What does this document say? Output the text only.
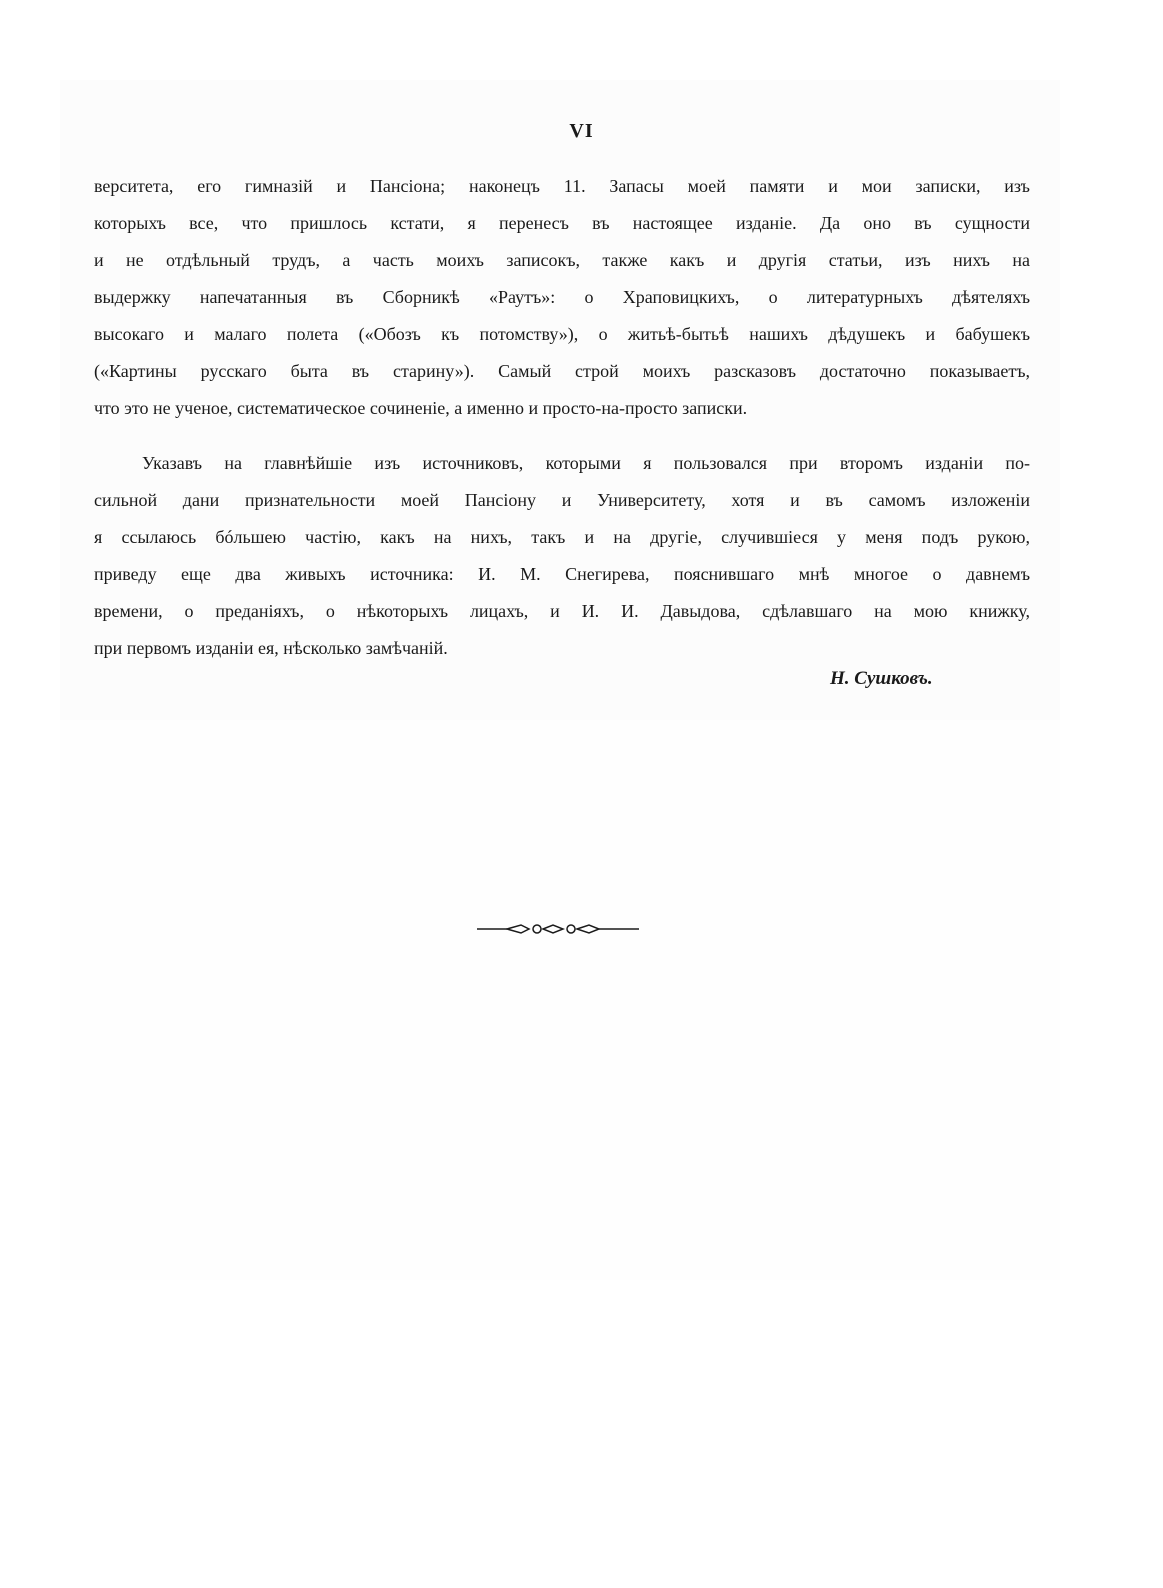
VI

верситета, его гимназій и Пансіона; наконецъ 11. Запасы моей памяти и мои записки, изъ
которыхъ все, что пришлось кстати, я перенесъ въ настоящее изданіе. Да оно въ сущности
и не отдѣльный трудъ, а часть моихъ записокъ, также какъ и другія статьи, изъ нихъ на
выдержку напечатанныя въ Сборникѣ «Раутъ»: о Храповицкихъ, о литературныхъ дѣятеляхъ
высокаго и малаго полета («Обозъ къ потомству»), о житьѣ-бытьѣ нашихъ дѣдушекъ и бабушекъ
(«Картины русскаго быта въ старину»). Самый строй моихъ разсказовъ достаточно показываетъ,
что это не ученое, систематическое сочиненіе, а именно и просто-на-просто записки.

Указавъ на главнѣйшіе изъ источниковъ, которыми я пользовался при второмъ изданіи по-
сильной дани признательности моей Пансіону и Университету, хотя и въ самомъ изложеніи
я ссылаюсь бóльшею частію, какъ на нихъ, такъ и на другіе, случившіеся у меня подъ рукою,
приведу еще два живыхъ источника: И. М. Снегирева, пояснившаго мнѣ многое о давнемъ
времени, о преданіяхъ, о нѣкоторыхъ лицахъ, и И. И. Давыдова, сдѣлавшаго на мою книжку,
при первомъ изданіи ея, нѣсколько замѣчаній.

Н. Сушковъ.
